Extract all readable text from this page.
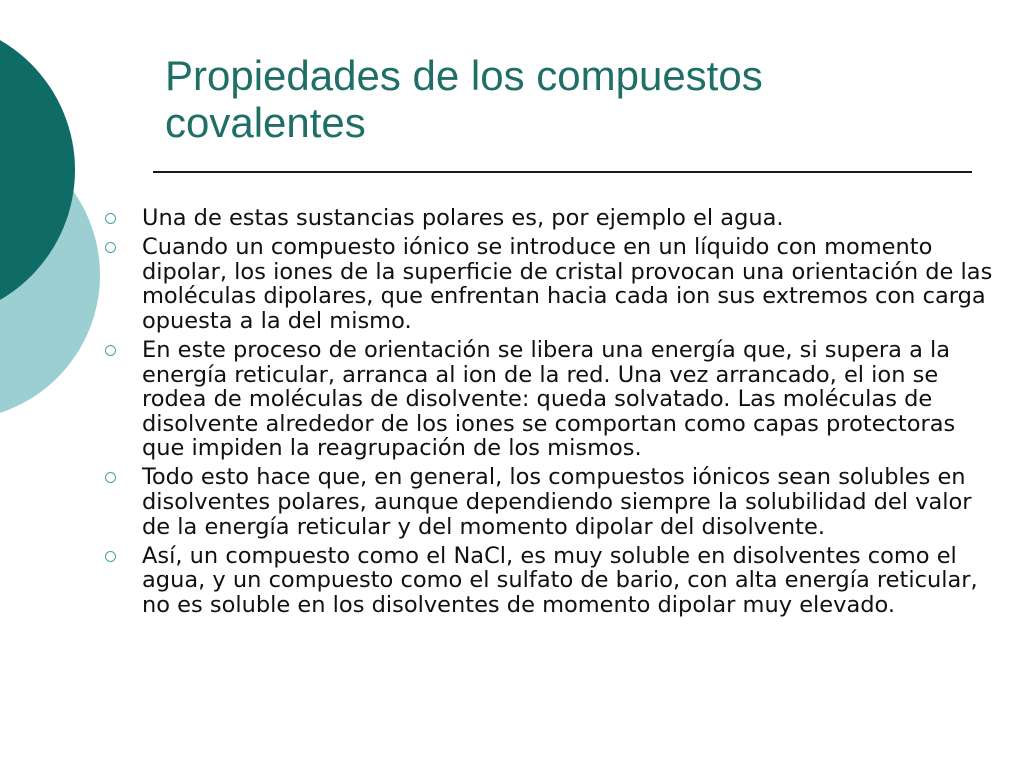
Propiedades de los compuestos covalentes
Una de estas sustancias polares es, por ejemplo el agua.
Cuando un compuesto iónico se introduce en un líquido con momento dipolar, los iones de la superficie de cristal provocan una orientación de las moléculas dipolares, que enfrentan hacia cada ion sus extremos con carga opuesta a la del mismo.
En este proceso de orientación se libera una energía que, si supera a la energía reticular, arranca al ion de la red. Una vez arrancado, el ion se rodea de moléculas de disolvente: queda solvatado. Las moléculas de disolvente alrededor de los iones se comportan como capas protectoras que impiden la reagrupación de los mismos.
Todo esto hace que, en general, los compuestos iónicos sean solubles en disolventes polares, aunque dependiendo siempre la solubilidad del valor de la energía reticular y del momento dipolar del disolvente.
Así, un compuesto como el NaCl, es muy soluble en disolventes como el agua, y un compuesto como el sulfato de bario, con alta energía reticular, no es soluble en los disolventes de momento dipolar muy elevado.
